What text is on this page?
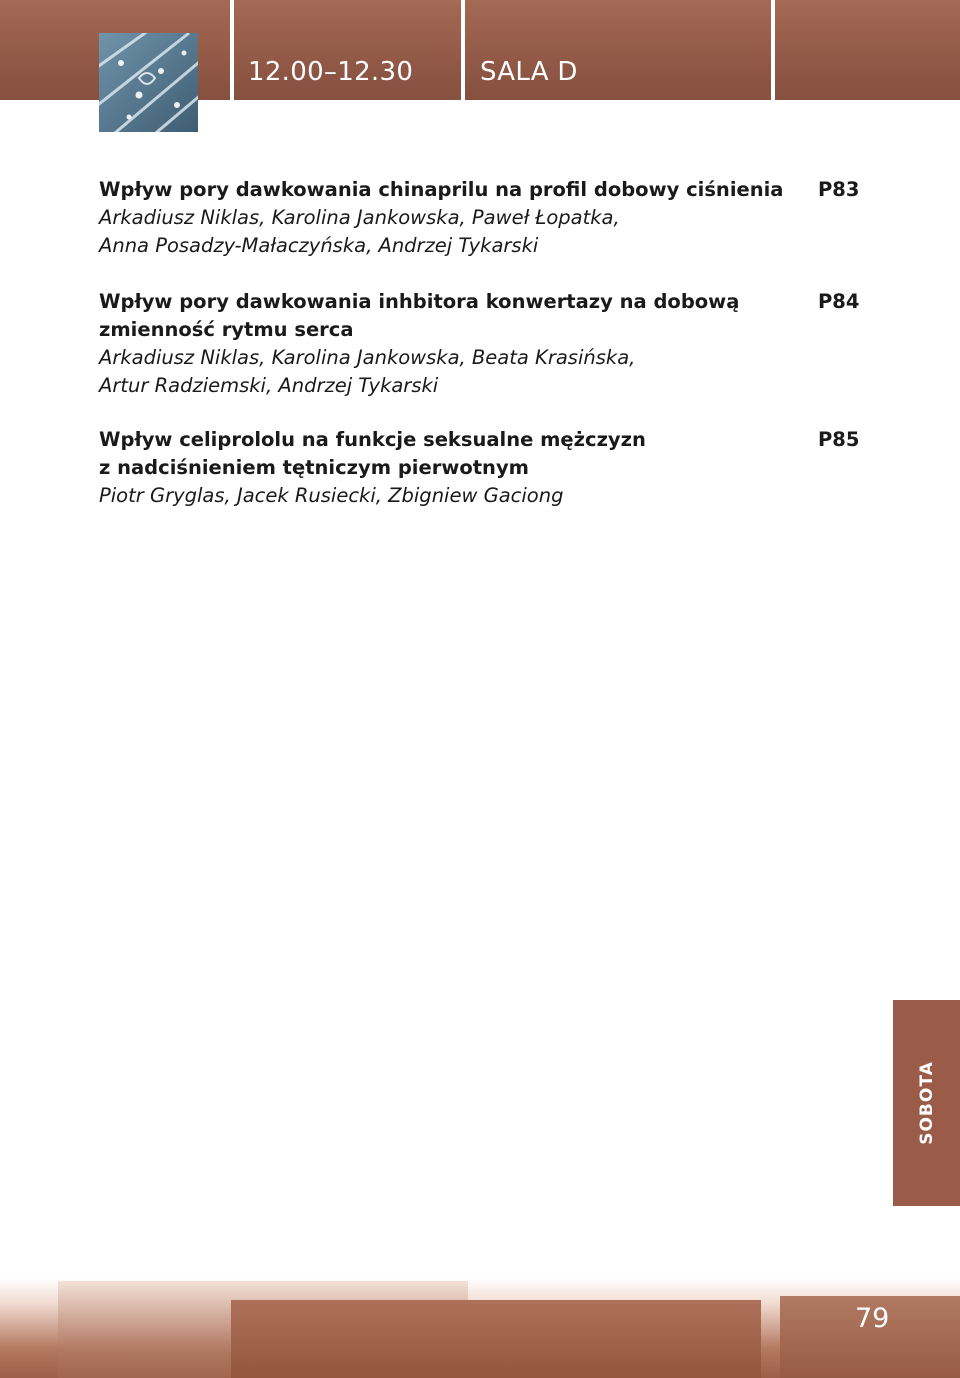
12.00–12.30	SALA D
Wpływ pory dawkowania chinaprilu na profil dobowy ciśnienia
Arkadiusz Niklas, Karolina Jankowska, Paweł Łopatka,
Anna Posadzy-Małaczyńska, Andrzej Tykarski
P83
Wpływ pory dawkowania inhbitora konwertazy na dobową
zmienność rytmu serca
Arkadiusz Niklas, Karolina Jankowska, Beata Krasińska,
Artur Radziemski, Andrzej Tykarski
P84
Wpływ celiprololu na funkcje seksualne mężczyzn
z nadciśnieniem tętniczym pierwotnym
Piotr Gryglas, Jacek Rusiecki, Zbigniew Gaciong
P85
SOBOTA
79
